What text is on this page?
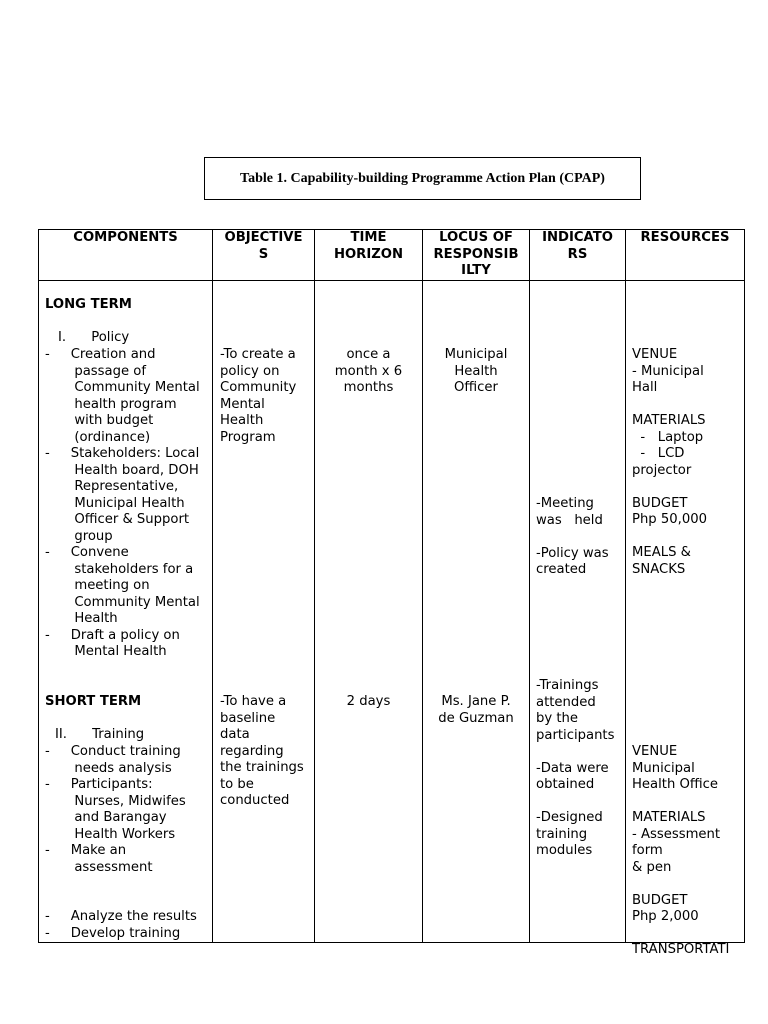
Table 1. Capability-building Programme Action Plan (CPAP)
COMPONENTS	OBJECTIVE
S
TIME
HORIZON
LOCUS OF
RESPONSIB
ILTY
INDICATO
RS
RESOURCES
LONG TERM
I.      Policy
-     Creation and
passage of
Community Mental
health program
with budget
(ordinance)
-     Stakeholders: Local
Health board, DOH
Representative,
Municipal Health
Officer & Support
group
-     Convene
stakeholders for a
meeting on
Community Mental
Health
-     Draft a policy on
Mental Health
-To create a
policy on
Community
Mental
Health
Program
once a
month x 6
months
Municipal
Health
Officer
-Meeting
was   held

-Policy was
created
VENUE
- Municipal
Hall

MATERIALS
-   Laptop
-   LCD
projector

BUDGET
Php 50,000

MEALS &
SNACKS
SHORT TERM
II.      Training
-     Conduct training
needs analysis
-     Participants:
Nurses, Midwifes
and Barangay
Health Workers
-     Make an
assessment

-     Analyze the results
-     Develop training
-To have a
baseline
data
regarding
the trainings
to be
conducted
2 days	Ms. Jane P.
de Guzman
-Trainings
attended
by the
participants

-Data were
obtained

-Designed
training
modules
VENUE
Municipal
Health Office

MATERIALS
- Assessment
form
& pen

BUDGET
Php 2,000

TRANSPORTATI
